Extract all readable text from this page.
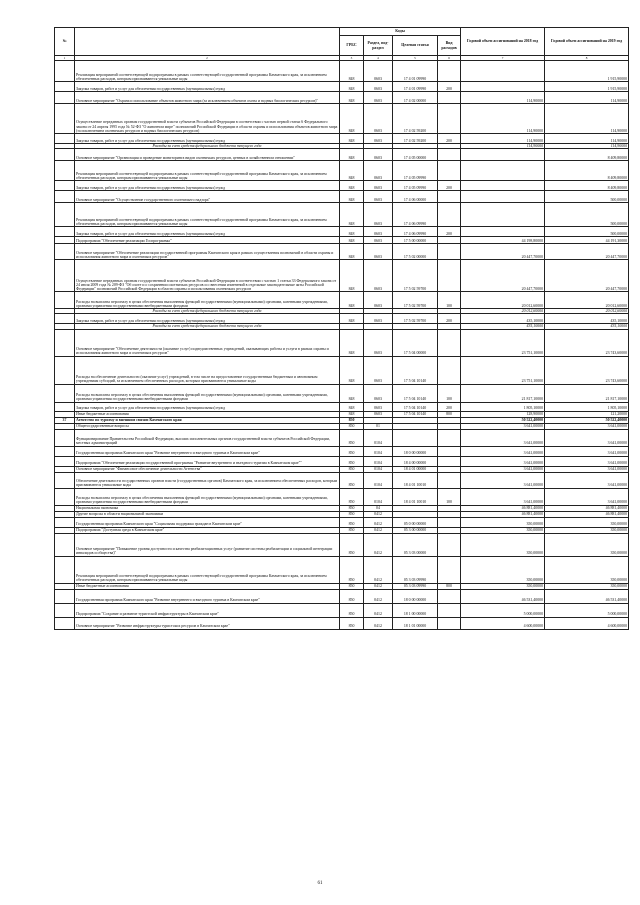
№		Коды				Годовой объем ассигнований на 2018 год	Годовой объем ассигнований на 2019 год
		ГРБС	Раздел, под-раздел	Целевая статья	Вид расходов		
1	2	3	4	5	6	7	8
	Реализация мероприятий соответствующей подпрограммы в рамках соответствующей государственной программы Камчатского края, за исключением обеспеченных расходов, которым присваиваются уникальные коды	848	0603	17 4 01 09990			1 915,90000
	Закупка товаров, работ и услуг для обеспечения государственных (муниципальных) нужд	848	0603	17 4 01 09990	200		1 915,90000
	Основное мероприятие "Охрана и использование объектов животного мира (за исключением объектов охоты и водных биологических ресурсов)"	848	0603	17 4 02 00000		114,90000	114,90000
	Осуществление переданных органам государственной власти субъектов Российской Федерации в соответствии с частью первой статьи 6 Федерального закона от 24 апреля 1995 года № 52-ФЗ "О животном мире" полномочий Российской Федерации в области охраны и использования объектов животного мира (за исключением охотничьих ресурсов и водных биологических ресурсов)	848	0603	17 4 02 59200		114,90000	114,90000
	Закупка товаров, работ и услуг для обеспечения государственных (муниципальных) нужд	848	0603	17 4 02 59200	200	114,90000	114,90000
	Расходы за счет средств федерального бюджета текущего года					114,90000	114,90000
	Основное мероприятие "Организация и проведение мониторинга видов охотничьих ресурсов, ценных в хозяйственном отношении"	848	0603	17 4 05 00000			8 409,80000
	Реализация мероприятий соответствующей подпрограммы в рамках соответствующей государственной программы Камчатского края, за исключением обеспеченных расходов, которым присваиваются уникальные коды	848	0603	17 4 05 09990			8 409,80000
	Закупка товаров, работ и услуг для обеспечения государственных (муниципальных) нужд	848	0603	17 4 05 09990	200		8 409,80000
	Основное мероприятие "Осуществление государственного охотничьего надзора"	848	0603	17 4 06 00000			500,00000
	Реализация мероприятий соответствующей подпрограммы в рамках соответствующей государственной программы Камчатского края, за исключением обеспеченных расходов, которым присваиваются уникальные коды	848	0603	17 4 06 09990			500,00000
	Закупка товаров, работ и услуг для обеспечения государственных (муниципальных) нужд	848	0603	17 4 06 09990	200		500,00000
	Подпрограмма "Обеспечение реализации Госпрограммы"	848	0603	17 5 00 00000		44 198,80000	44 191,30000
	Основное мероприятие "Обеспечение реализации государственной программы Камчатского края в рамках осуществления полномочий в области охраны и использования животного мира и охотничьих ресурсов"	848	0603	17 5 02 00000		20 447,70000	20 447,70000
	Осуществление переданных органам государственной власти субъектов Российской Федерации в соответствии с частью 1 статьи 33 Федерального закона от 24 июля 2009 года № 209-ФЗ "Об охоте и о сохранении охотничьих ресурсов и о внесении изменений в отдельные законодательные акты Российской Федерации" полномочий Российской Федерации в области охраны и использования охотничьих ресурсов	848	0603	17 5 02 59700		20 447,70000	20 447,70000
	Расходы на выплаты персоналу в целях обеспечения выполнения функций государственными (муниципальными) органами, казенными учреждениями, органами управления государственными внебюджетными фондами	848	0603	17 5 02 59700	100	20 012,60000	20 012,60000
	Расходы за счет средств федерального бюджета текущего года					20 012,60000	20 012,60000
	Закупка товаров, работ и услуг для обеспечения государственных (муниципальных) нужд	848	0603	17 5 02 59700	200	435,10000	435,10000
	Расходы за счет средств федерального бюджета текущего года					435,10000	435,10000
	Основное мероприятие "Обеспечение деятельности (оказание услуг) подведомственных учреждений, оказывающих работы и услуги в рамках охраны и использования животного мира и охотничьих ресурсов"	848	0603	17 5 04 00000		23 751,10000	23 743,60000
	Расходы на обеспечение деятельности (оказание услуг) учреждений, в том числе на предоставление государственным бюджетным и автономным учреждениям субсидий, за исключением обеспеченных расходов, которым присваиваются уникальные коды	848	0603	17 5 04 10140		23 751,10000	23 743,60000
	Расходы на выплаты персоналу в целях обеспечения выполнения функций государственными (муниципальными) органами, казенными учреждениями, органами управления государственными внебюджетными фондами	848	0603	17 5 04 10140	100	21 817,10000	21 817,10000
	Закупка товаров, работ и услуг для обеспечения государственных (муниципальных) нужд	848	0603	17 5 04 10140	200	1 805,10000	1 805,10000
	Иные бюджетные ассигнования	848	0603	17 5 04 10140	800	128,90000	121,20000
37	Агентство по туризму и внешним связям Камчатского края	850				50 522,40000	50 522,40000
	Общегосударственные вопросы	850	01			3 641,00000	3 641,00000
	Функционирование Правительства Российской Федерации, высших исполнительных органов государственной власти субъектов Российской Федерации, местных администраций	850	0104			3 641,00000	3 641,00000
	Государственная программа Камчатского края "Развитие внутреннего и въездного туризма в Камчатском крае"	850	0104	18 0 00 00000		3 641,00000	3 641,00000
	Подпрограмма "Обеспечение реализации государственной программы "Развитие внутреннего и въездного туризма в Камчатском крае""	850	0104	18 4 00 00000		3 641,00000	3 641,00000
	Основное мероприятие "Финансовое обеспечение деятельности Агентства"	850	0104	18 4 01 00000		3 641,00000	3 641,00000
	Обеспечение деятельности государственных органов власти (государственных органов) Камчатского края, за исключением обеспеченных расходов, которым присваиваются уникальные коды	850	0104	18 4 01 10010		3 641,00000	3 641,00000
	Расходы на выплаты персоналу в целях обеспечения выполнения функций государственными (муниципальными) органами, казенными учреждениями, органами управления государственными внебюджетными фондами	850	0104	18 4 01 10010	100	3 641,00000	3 641,00000
	Национальная экономика	850	04			46 881,40000	46 881,40000
	Другие вопросы в области национальной экономики	850	0412			46 881,40000	46 881,40000
	Государственная программа Камчатского края "Социальная поддержка граждан в Камчатском крае"	850	0412	05 0 00 00000		350,00000	350,00000
	Подпрограмма "Доступная среда в Камчатском крае"	850	0412	05 3 00 00000		350,00000	350,00000
	Основное мероприятие "Повышение уровня доступности и качества реабилитационных услуг (развитие системы реабилитации и социальной интеграции инвалидов и общества)"	850	0412	05 3 03 00000		350,00000	350,00000
	Реализация мероприятий соответствующей подпрограммы в рамках соответствующей государственной программы Камчатского края, за исключением обеспеченных расходов, которым присваиваются уникальные коды	850	0412	05 3 03 09990		350,00000	350,00000
	Иные бюджетные ассигнования	850	0412	05 3 03 09990	800	350,00000	350,00000
	Государственная программа Камчатского края "Развитие внутреннего и въездного туризма в Камчатском крае"	850	0412	18 0 00 00000		46 531,40000	46 531,40000
	Подпрограмма "Создание и развитие туристской инфраструктуры в Камчатском крае"	850	0412	18 1 00 00000		5 000,00000	5 000,00000
	Основное мероприятие "Развитие инфраструктуры туристских ресурсов в Камчатском крае"	850	0412	18 1 01 00000		4 600,00000	4 600,00000
61
